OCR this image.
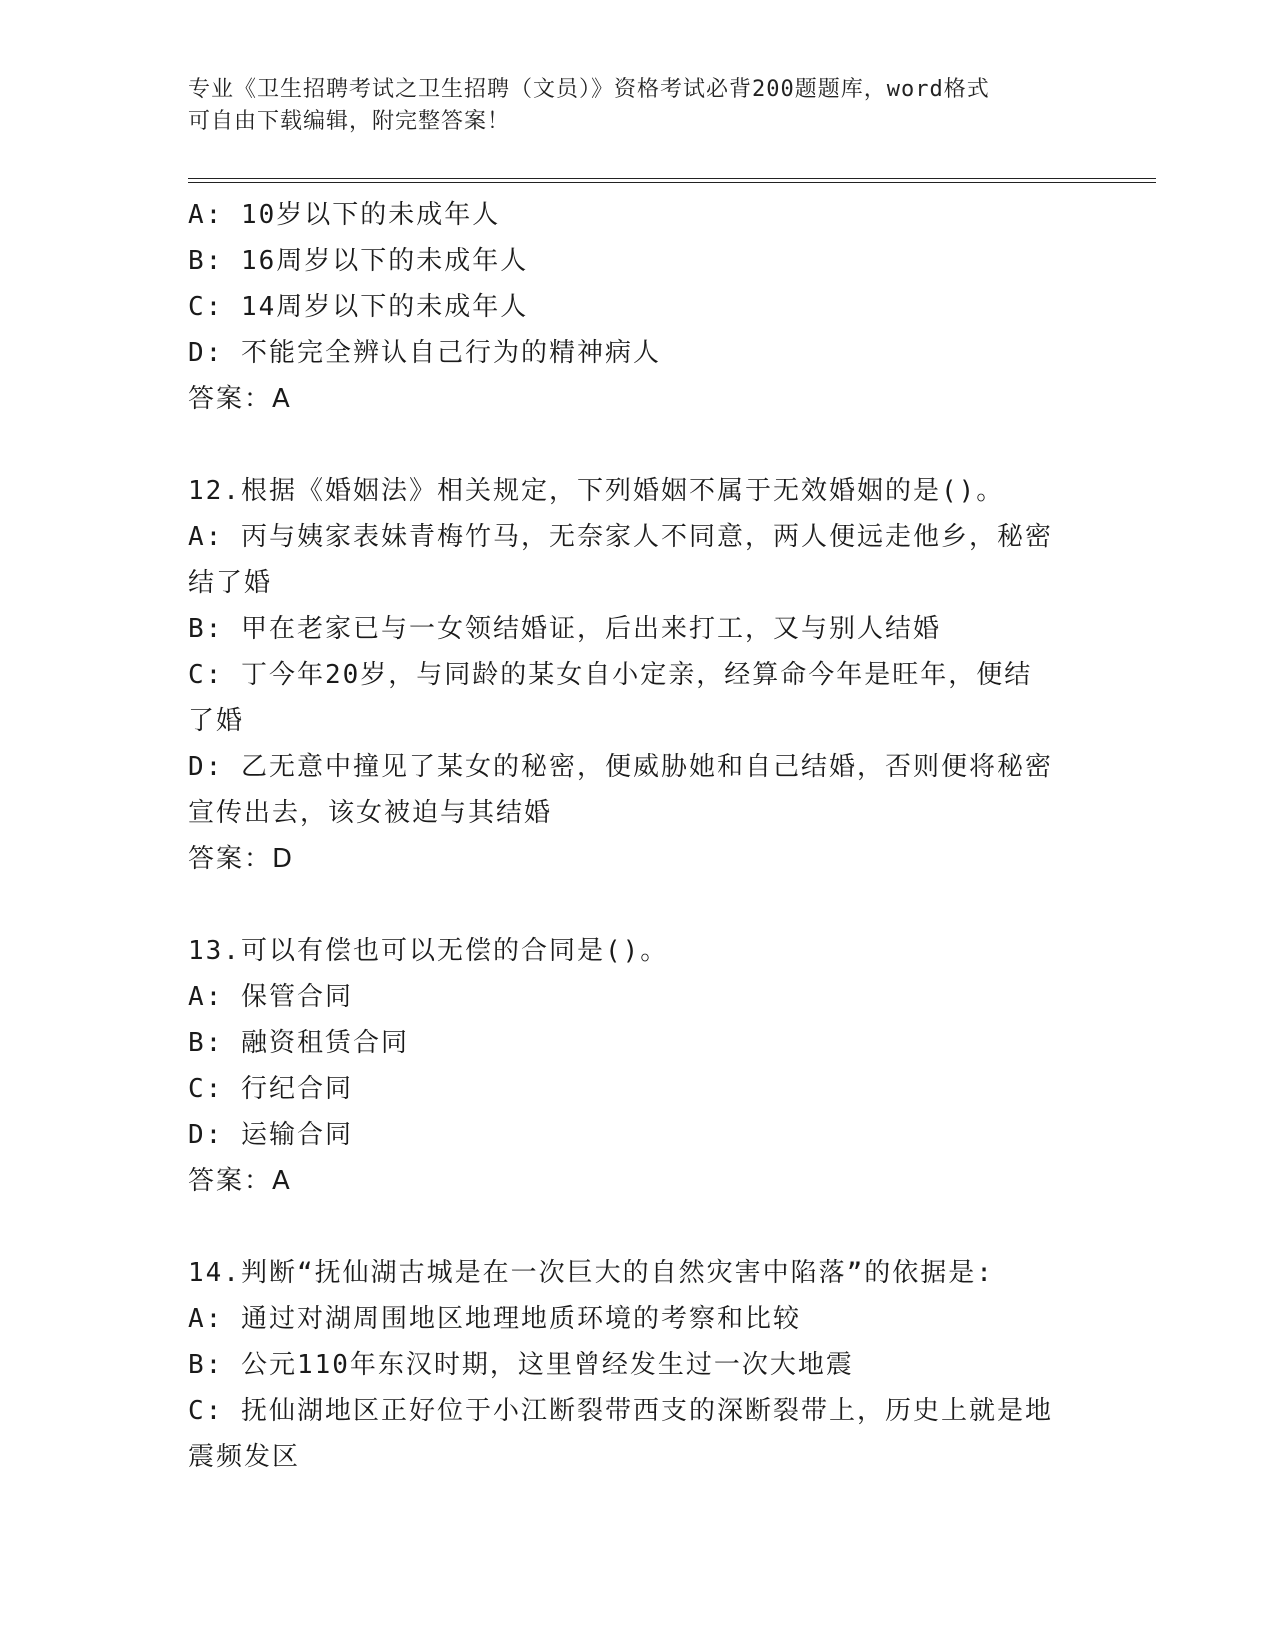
专业《卫生招聘考试之卫生招聘（文员）》资格考试必背200题题库，word格式
可自由下载编辑，附完整答案！
A: 10岁以下的未成年人
B: 16周岁以下的未成年人
C: 14周岁以下的未成年人
D: 不能完全辨认自己行为的精神病人
答案：A
12.根据《婚姻法》相关规定，下列婚姻不属于无效婚姻的是()。
A: 丙与姨家表妹青梅竹马，无奈家人不同意，两人便远走他乡，秘密
结了婚
B: 甲在老家已与一女领结婚证，后出来打工，又与别人结婚
C: 丁今年20岁，与同龄的某女自小定亲，经算命今年是旺年，便结
了婚
D: 乙无意中撞见了某女的秘密，便威胁她和自己结婚，否则便将秘密
宣传出去，该女被迫与其结婚
答案：D
13.可以有偿也可以无偿的合同是()。
A: 保管合同
B: 融资租赁合同
C: 行纪合同
D: 运输合同
答案：A
14.判断“抚仙湖古城是在一次巨大的自然灾害中陷落”的依据是:
A: 通过对湖周围地区地理地质环境的考察和比较
B: 公元110年东汉时期，这里曾经发生过一次大地震
C: 抚仙湖地区正好位于小江断裂带西支的深断裂带上，历史上就是地
震频发区
